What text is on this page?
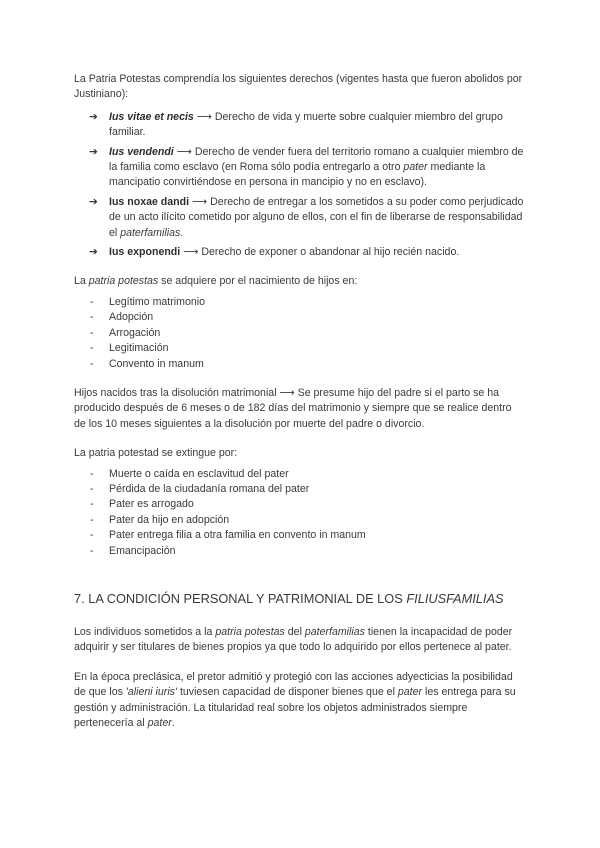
La Patria Potestas comprendía los siguientes derechos (vigentes hasta que fueron abolidos por Justiniano):

➔ Ius vitae et necis ⟶ Derecho de vida y muerte sobre cualquier miembro del grupo familiar.
➔ Ius vendendi ⟶ Derecho de vender fuera del territorio romano a cualquier miembro de la familia como esclavo (en Roma sólo podía entregarlo a otro pater mediante la mancipatio convirtiéndose en persona in mancipio y no en esclavo).
➔ Ius noxae dandi ⟶ Derecho de entregar a los sometidos a su poder como perjudicado de un acto ilícito cometido por alguno de ellos, con el fin de liberarse de responsabilidad el paterfamilias.
➔ Ius exponendi ⟶ Derecho de exponer o abandonar al hijo recién nacido.

La patria potestas se adquiere por el nacimiento de hijos en:

- Legítimo matrimonio
- Adopción
- Arrogación
- Legitimación
- Convento in manum

Hijos nacidos tras la disolución matrimonial ⟶ Se presume hijo del padre si el parto se ha producido después de 6 meses o de 182 días del matrimonio y siempre que se realice dentro de los 10 meses siguientes a la disolución por muerte del padre o divorcio.

La patria potestad se extingue por:

- Muerte o caída en esclavitud del pater
- Pérdida de la ciudadanía romana del pater
- Pater es arrogado
- Pater da hijo en adopción
- Pater entrega filia a otra familia en convento in manum
- Emancipación
7. LA CONDICIÓN PERSONAL Y PATRIMONIAL DE LOS FILIUSFAMILIAS

Los individuos sometidos a la patria potestas del paterfamilias tienen la incapacidad de poder adquirir y ser titulares de bienes propios ya que todo lo adquirido por ellos pertenece al pater.

En la época preclásica, el pretor admitió y protegió con las acciones adyecticias la posibilidad de que los 'alieni iuris' tuviesen capacidad de disponer bienes que el pater les entrega para su gestión y administración. La titularidad real sobre los objetos administrados siempre pertenecería al pater.
